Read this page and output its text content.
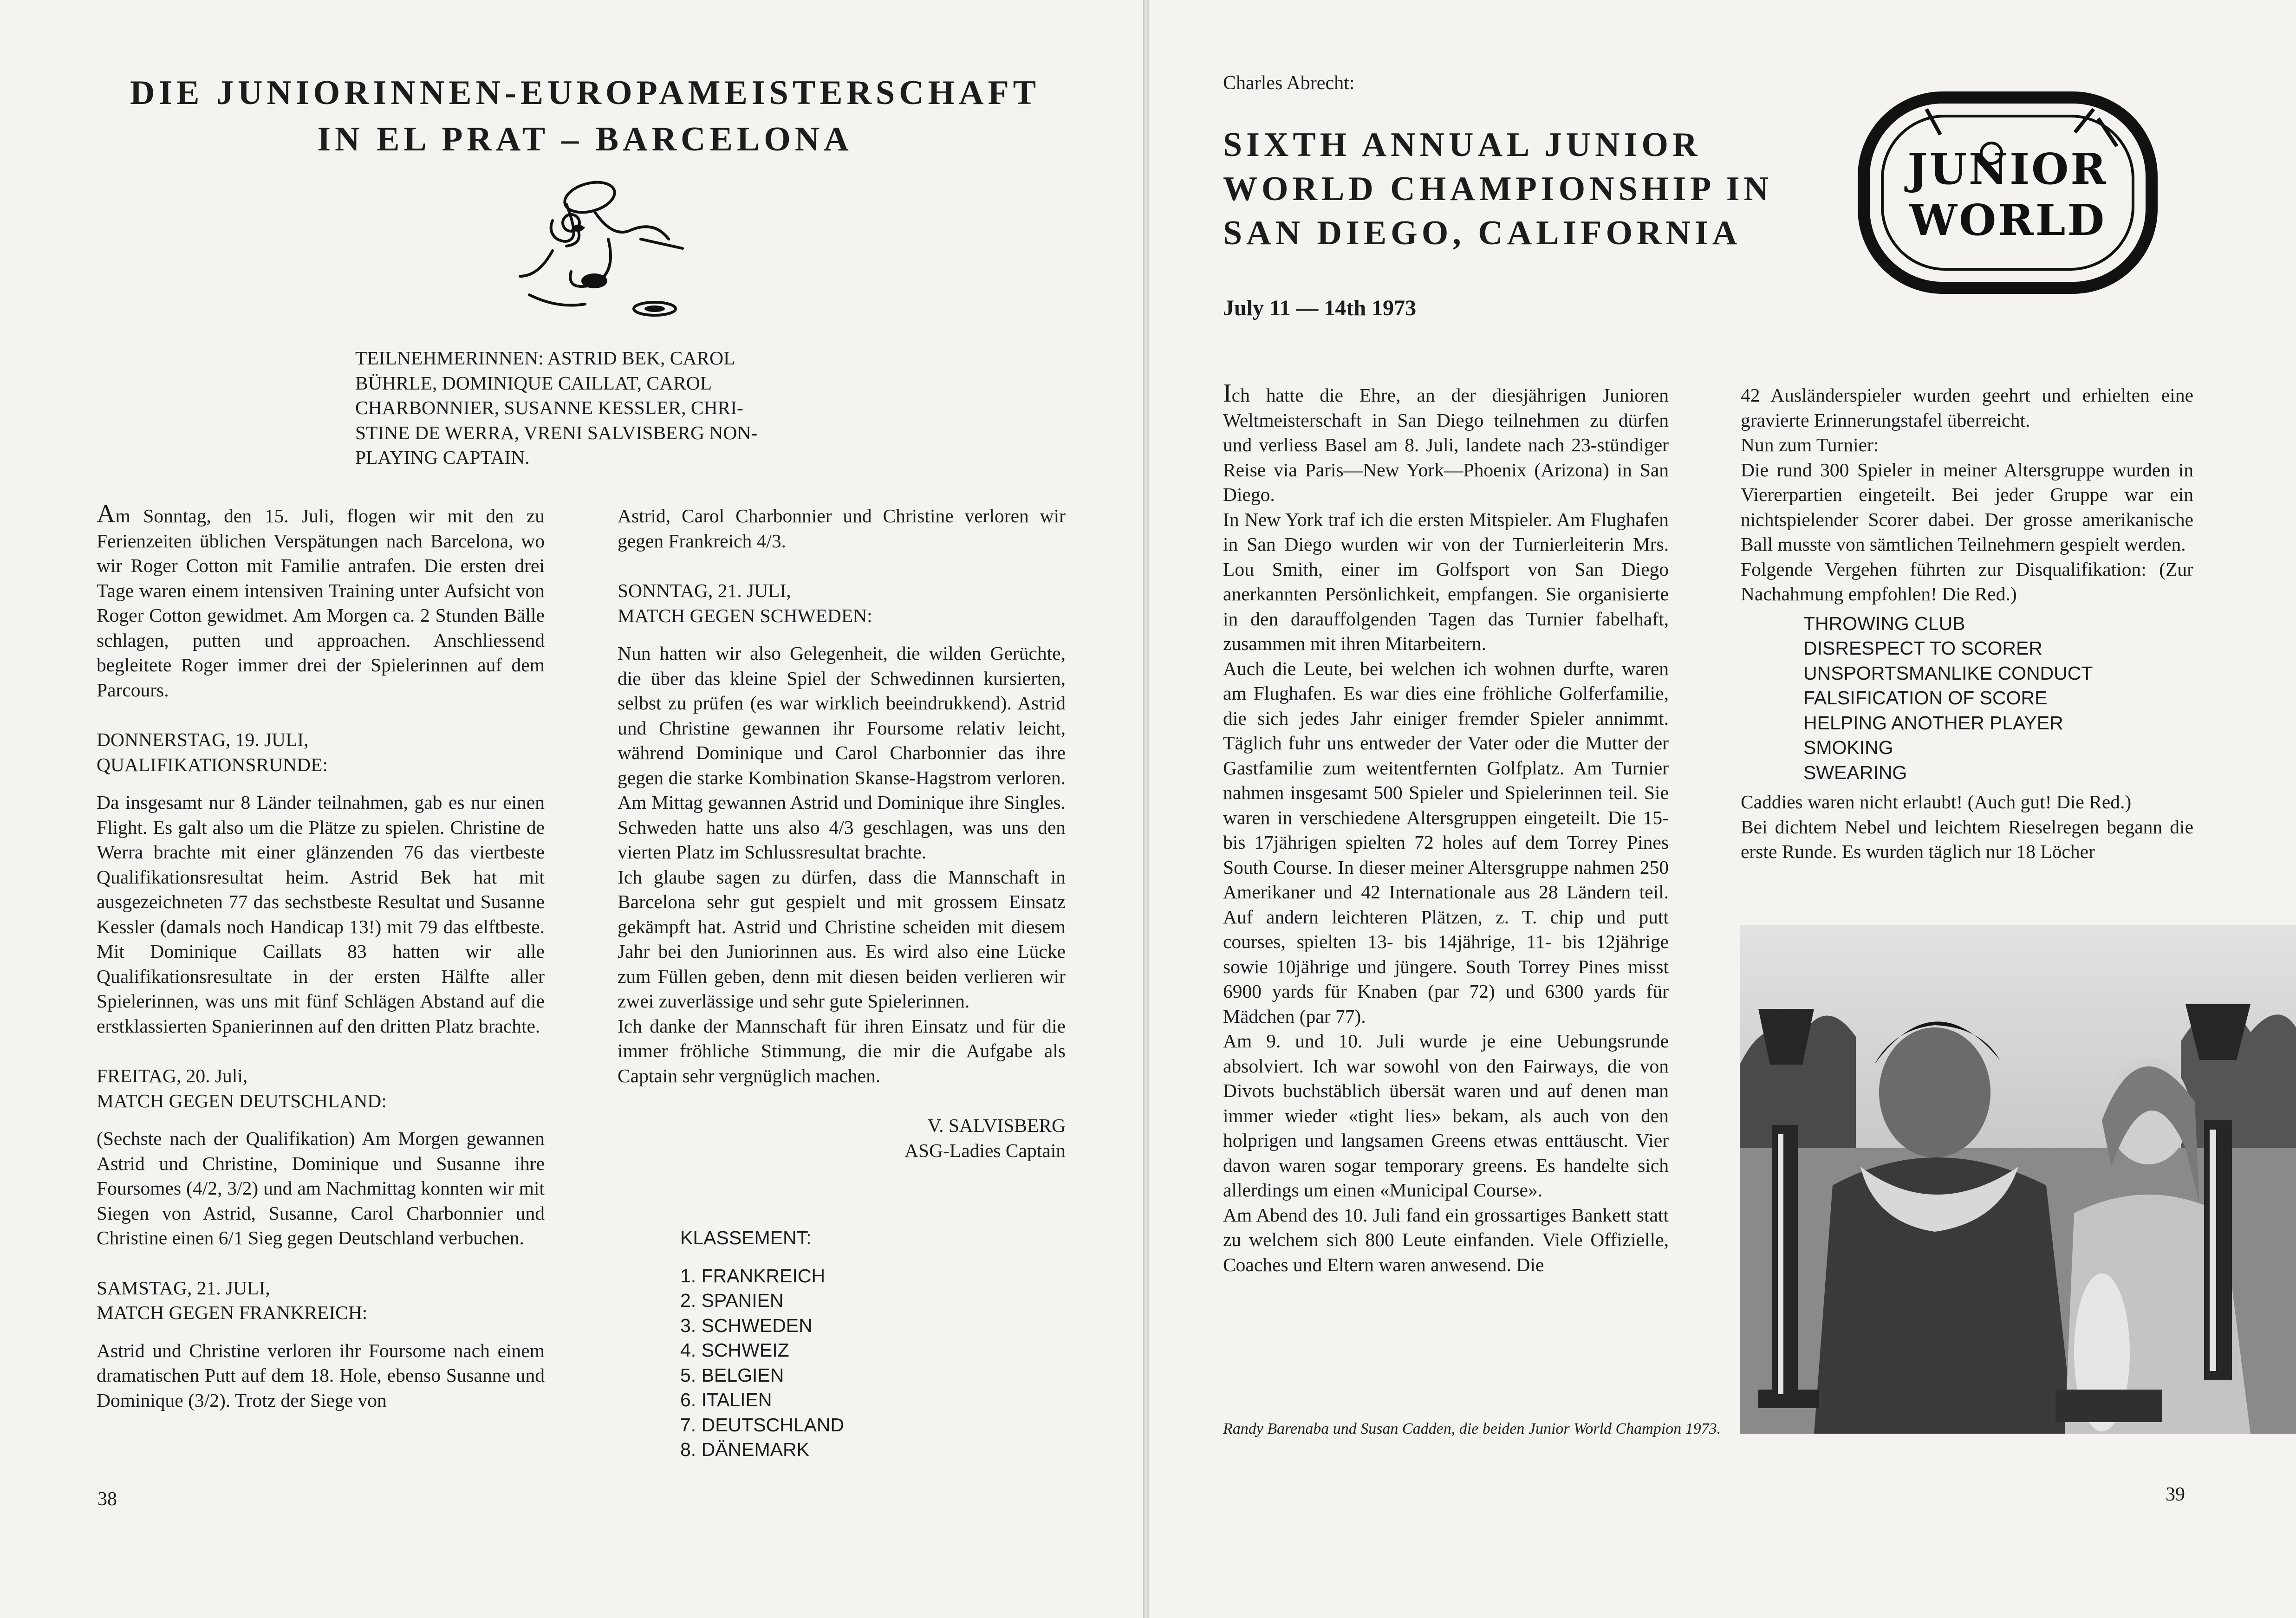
DIE JUNIORINNEN-EUROPAMEISTERSCHAFT
IN EL PRAT – BARCELONA
TEILNEHMERINNEN: ASTRID BEK, CAROL
BÜHRLE, DOMINIQUE CAILLAT, CAROL
CHARBONNIER, SUSANNE KESSLER, CHRI-
STINE DE WERRA, VRENI SALVISBERG NON-
PLAYING CAPTAIN.

Am Sonntag, den 15. Juli, flogen wir mit den zu Ferienzeiten üblichen Verspätungen nach Barcelona, wo wir Roger Cotton mit Familie antrafen. Die ersten drei Tage waren einem intensiven Training unter Aufsicht von Roger Cotton gewidmet. Am Morgen ca. 2 Stunden Bälle schlagen, putten und approachen. Anschliessend begleitete Roger immer drei der Spielerinnen auf dem Parcours.

DONNERSTAG, 19. JULI,
QUALIFIKATIONSRUNDE:

Da insgesamt nur 8 Länder teilnahmen, gab es nur einen Flight. Es galt also um die Plätze zu spielen. Christine de Werra brachte mit einer glänzenden 76 das viertbeste Qualifikationsresultat heim. Astrid Bek hat mit ausgezeichneten 77 das sechstbeste Resultat und Susanne Kessler (damals noch Handicap 13!) mit 79 das elftbeste. Mit Dominique Caillats 83 hatten wir alle Qualifikationsresultate in der ersten Hälfte aller Spielerinnen, was uns mit fünf Schlägen Abstand auf die erstklassierten Spanierinnen auf den dritten Platz brachte.

FREITAG, 20. Juli,
MATCH GEGEN DEUTSCHLAND:

(Sechste nach der Qualifikation) Am Morgen gewannen Astrid und Christine, Dominique und Susanne ihre Foursomes (4/2, 3/2) und am Nachmittag konnten wir mit Siegen von Astrid, Susanne, Carol Charbonnier und Christine einen 6/1 Sieg gegen Deutschland verbuchen.

SAMSTAG, 21. JULI,
MATCH GEGEN FRANKREICH:

Astrid und Christine verloren ihr Foursome nach einem dramatischen Putt auf dem 18. Hole, ebenso Susanne und Dominique (3/2). Trotz der Siege von

Astrid, Carol Charbonnier und Christine verloren wir gegen Frankreich 4/3.

SONNTAG, 21. JULI,
MATCH GEGEN SCHWEDEN:

Nun hatten wir also Gelegenheit, die wilden Gerüchte, die über das kleine Spiel der Schwedinnen kursierten, selbst zu prüfen (es war wirklich beeindrukkend). Astrid und Christine gewannen ihr Foursome relativ leicht, während Dominique und Carol Charbonnier das ihre gegen die starke Kombination Skanse-Hagstrom verloren. Am Mittag gewannen Astrid und Dominique ihre Singles. Schweden hatte uns also 4/3 geschlagen, was uns den vierten Platz im Schlussresultat brachte.

Ich glaube sagen zu dürfen, dass die Mannschaft in Barcelona sehr gut gespielt und mit grossem Einsatz gekämpft hat. Astrid und Christine scheiden mit diesem Jahr bei den Juniorinnen aus. Es wird also eine Lücke zum Füllen geben, denn mit diesen beiden verlieren wir zwei zuverlässige und sehr gute Spielerinnen.

Ich danke der Mannschaft für ihren Einsatz und für die immer fröhliche Stimmung, die mir die Aufgabe als Captain sehr vergnüglich machen.

V. SALVISBERG
ASG-Ladies Captain
KLASSEMENT:
1. FRANKREICH
2. SPANIEN
3. SCHWEDEN
4. SCHWEIZ
5. BELGIEN
6. ITALIEN
7. DEUTSCHLAND
8. DÄNEMARK
38
Charles Abrecht:
SIXTH ANNUAL JUNIOR
WORLD CHAMPIONSHIP IN
SAN DIEGO, CALIFORNIA
July 11 — 14th 1973
JUNIOR
WORLD

Ich hatte die Ehre, an der diesjährigen Junioren Weltmeisterschaft in San Diego teilnehmen zu dürfen und verliess Basel am 8. Juli, landete nach 23-stündiger Reise via Paris—New York—Phoenix (Arizona) in San Diego.

In New York traf ich die ersten Mitspieler. Am Flughafen in San Diego wurden wir von der Turnierleiterin Mrs. Lou Smith, einer im Golfsport von San Diego anerkannten Persönlichkeit, empfangen. Sie organisierte in den darauffolgenden Tagen das Turnier fabelhaft, zusammen mit ihren Mitarbeitern.

Auch die Leute, bei welchen ich wohnen durfte, waren am Flughafen. Es war dies eine fröhliche Golferfamilie, die sich jedes Jahr einiger fremder Spieler annimmt. Täglich fuhr uns entweder der Vater oder die Mutter der Gastfamilie zum weitentfernten Golfplatz. Am Turnier nahmen insgesamt 500 Spieler und Spielerinnen teil. Sie waren in verschiedene Altersgruppen eingeteilt. Die 15- bis 17jährigen spielten 72 holes auf dem Torrey Pines South Course. In dieser meiner Altersgruppe nahmen 250 Amerikaner und 42 Internationale aus 28 Ländern teil. Auf andern leichteren Plätzen, z. T. chip und putt courses, spielten 13- bis 14jährige, 11- bis 12jährige sowie 10jährige und jüngere. South Torrey Pines misst 6900 yards für Knaben (par 72) und 6300 yards für Mädchen (par 77).

Am 9. und 10. Juli wurde je eine Uebungsrunde absolviert. Ich war sowohl von den Fairways, die von Divots buchstäblich übersät waren und auf denen man immer wieder «tight lies» bekam, als auch von den holprigen und langsamen Greens etwas enttäuscht. Vier davon waren sogar temporary greens. Es handelte sich allerdings um einen «Municipal Course».

Am Abend des 10. Juli fand ein grossartiges Bankett statt zu welchem sich 800 Leute einfanden. Viele Offizielle, Coaches und Eltern waren anwesend. Die

42 Ausländerspieler wurden geehrt und erhielten eine gravierte Erinnerungstafel überreicht.

Nun zum Turnier:

Die rund 300 Spieler in meiner Altersgruppe wurden in Viererpartien eingeteilt. Bei jeder Gruppe war ein nichtspielender Scorer dabei. Der grosse amerikanische Ball musste von sämtlichen Teilnehmern gespielt werden.

Folgende Vergehen führten zur Disqualifikation: (Zur Nachahmung empfohlen! Die Red.)

THROWING CLUB
DISRESPECT TO SCORER
UNSPORTSMANLIKE CONDUCT
FALSIFICATION OF SCORE
HELPING ANOTHER PLAYER
SMOKING
SWEARING

Caddies waren nicht erlaubt! (Auch gut! Die Red.)

Bei dichtem Nebel und leichtem Rieselregen begann die erste Runde. Es wurden täglich nur 18 Löcher

Randy Barenaba und Susan Cadden, die beiden Junior World Champion 1973.
39
